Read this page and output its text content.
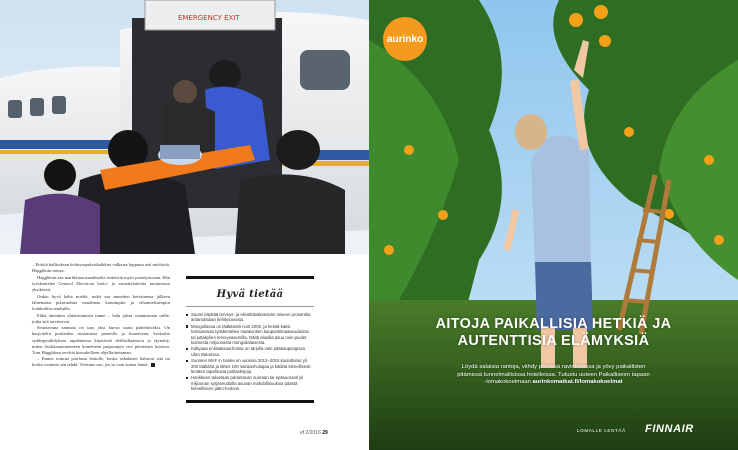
EMERGENCY EXIT

– Etiöitä hallituksen kehitysapulaiskaikkiet valkaisa loppuun asti mieltyitä, Häggblom toteaa.

Häggblom saa markkinaa maailmalla rinteisiin myös paarejoissaan. Hän työskentelee General Electricin botto- ja sairaalalaitteita tuottavassa yksikössä.

Onkin hyvä kehä mieltä, mikä saa minetten kertoimena jälkeen lähtemään pikavauhtia maailman karuimpiin ja vihamielisimpiin loukkoihin seuduille.

Ehkä ätteinkin yhteistuunuen tunne – halu jakaa osaamistaan niille, jotka sitä tarvitsevat.

Seuraavana aamuna on taas yksi kurssi saatu pääteltäväksi. On harjoiteltu potilaiden nostamista paareille ja koneeseen, keskoiho sydänpysähdyksen tapahtuessa käyttävää defibrillaattoria ja täytettty, miten lisokkaantuneeseen koneeseen parjatanjen veri piteteisiin hoitoon. Tom Häggblom tervhiä kursaleilleen ohjelluitteinman.

– Emme toimita potilasta lentolle, koska sakalaiset habavat sitä tai koska voimme sen tehdä. Teemme sen, jos se vain auttaa häntä.

Hyvä tietää
Suomi käyttää terveys- ja sileöittäväksessän toiseen prosenttia antamastaan kehitysavusta.
Mongoliassa on lääkäreitä noin 2000, ja heistä kaksi kolmasosaa työskentelee maakuntien kaupunkimaaseuduissa tai juttakylien terveysasemilla. Näitä alueilla asuu noin puolet koimesta miljoonasta mongolialaisesta.
Kaltyaaa enlistaksuarhoitoa on tarjolla vain pääkaupungissa Ulan Batorissa.
Suomen MAF in hanke on vuosina 2012–2015 kouluttanut yli 200 lääkäriä ja lähes 100 sairaanhoitajaa ja kätilöä kiireellisesti lentäen tapahtuvia potilaskirjoja.
Hankkeen taloetaan parantavan suoraan tai epäsuorasti yli miljoonan syrjäseuduilla asuvan mahdollisuuksia päästä kiireelliseen jatko-hoitoon.
ef 2/2016 29
aurinko
AITOJA PAIKALLISIA HETKIÄ JA
AUTENTTISIA ELÄMYKSIÄ
Löydä salaisia rantoja, viihdy pienissä ravintoloissa ja yövy paikallisten
pitämissä tunnelmallisissa hotelleissa. Tutustu uuteen Paikalliseen tapaan
-lomakokoelmaan aurinkomatkat.fi/lomakokoelmat
LOMALLE LENTÄÄ FINNAIR
